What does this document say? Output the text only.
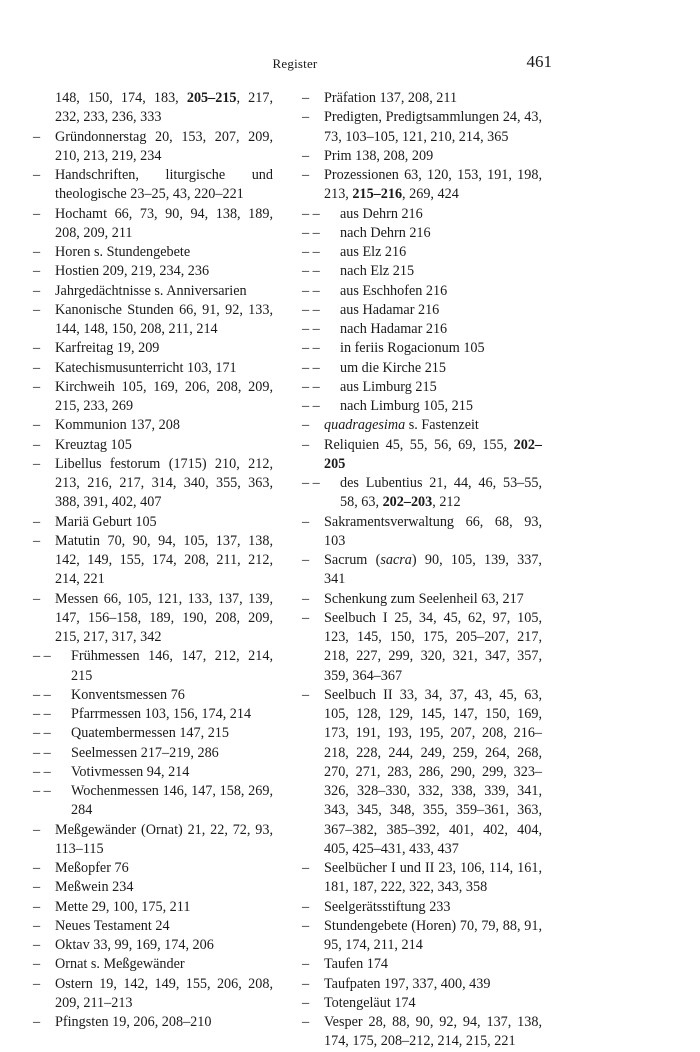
Register	461
148, 150, 174, 183, 205–215, 217, 232, 233, 236, 333
– Gründonnerstag 20, 153, 207, 209, 210, 213, 219, 234
– Handschriften, liturgische und theologische 23–25, 43, 220–221
– Hochamt 66, 73, 90, 94, 138, 189, 208, 209, 211
– Horen s. Stundengebete
– Hostien 209, 219, 234, 236
– Jahrgedächtnisse s. Anniversarien
– Kanonische Stunden 66, 91, 92, 133, 144, 148, 150, 208, 211, 214
– Karfreitag 19, 209
– Katechismusunterricht 103, 171
– Kirchweih 105, 169, 206, 208, 209, 215, 233, 269
– Kommunion 137, 208
– Kreuztag 105
– Libellus festorum (1715) 210, 212, 213, 216, 217, 314, 340, 355, 363, 388, 391, 402, 407
– Mariä Geburt 105
– Matutin 70, 90, 94, 105, 137, 138, 142, 149, 155, 174, 208, 211, 212, 214, 221
– Messen 66, 105, 121, 133, 137, 139, 147, 156–158, 189, 190, 208, 209, 215, 217, 317, 342
– – Frühmessen 146, 147, 212, 214, 215
– – Konventsmessen 76
– – Pfarrmessen 103, 156, 174, 214
– – Quatembermessen 147, 215
– – Seelmessen 217–219, 286
– – Votivmessen 94, 214
– – Wochenmessen 146, 147, 158, 269, 284
– Meßgewänder (Ornat) 21, 22, 72, 93, 113–115
– Meßopfer 76
– Meßwein 234
– Mette 29, 100, 175, 211
– Neues Testament 24
– Oktav 33, 99, 169, 174, 206
– Ornat s. Meßgewänder
– Ostern 19, 142, 149, 155, 206, 208, 209, 211–213
– Pfingsten 19, 206, 208–210
– Präfation 137, 208, 211
– Predigten, Predigtsammlungen 24, 43, 73, 103–105, 121, 210, 214, 365
– Prim 138, 208, 209
– Prozessionen 63, 120, 153, 191, 198, 213, 215–216, 269, 424
– – aus Dehrn 216
– – nach Dehrn 216
– – aus Elz 216
– – nach Elz 215
– – aus Eschhofen 216
– – aus Hadamar 216
– – nach Hadamar 216
– – in feriis Rogacionum 105
– – um die Kirche 215
– – aus Limburg 215
– – nach Limburg 105, 215
– quadragesima s. Fastenzeit
– Reliquien 45, 55, 56, 69, 155, 202–205
– – des Lubentius 21, 44, 46, 53–55, 58, 63, 202–203, 212
– Sakramentsverwaltung 66, 68, 93, 103
– Sacrum (sacra) 90, 105, 139, 337, 341
– Schenkung zum Seelenheil 63, 217
– Seelbuch I 25, 34, 45, 62, 97, 105, 123, 145, 150, 175, 205–207, 217, 218, 227, 299, 320, 321, 347, 357, 359, 364–367
– Seelbuch II 33, 34, 37, 43, 45, 63, 105, 128, 129, 145, 147, 150, 169, 173, 191, 193, 195, 207, 208, 216–218, 228, 244, 249, 259, 264, 268, 270, 271, 283, 286, 290, 299, 323–326, 328–330, 332, 338, 339, 341, 343, 345, 348, 355, 359–361, 363, 367–382, 385–392, 401, 402, 404, 405, 425–431, 433, 437
– Seelbücher I und II 23, 106, 114, 161, 181, 187, 222, 322, 343, 358
– Seelgerätsstiftung 233
– Stundengebete (Horen) 70, 79, 88, 91, 95, 174, 211, 214
– Taufen 174
– Taufpaten 197, 337, 400, 439
– Totengeläut 174
– Vesper 28, 88, 90, 92, 94, 137, 138, 174, 175, 208–212, 214, 215, 221
